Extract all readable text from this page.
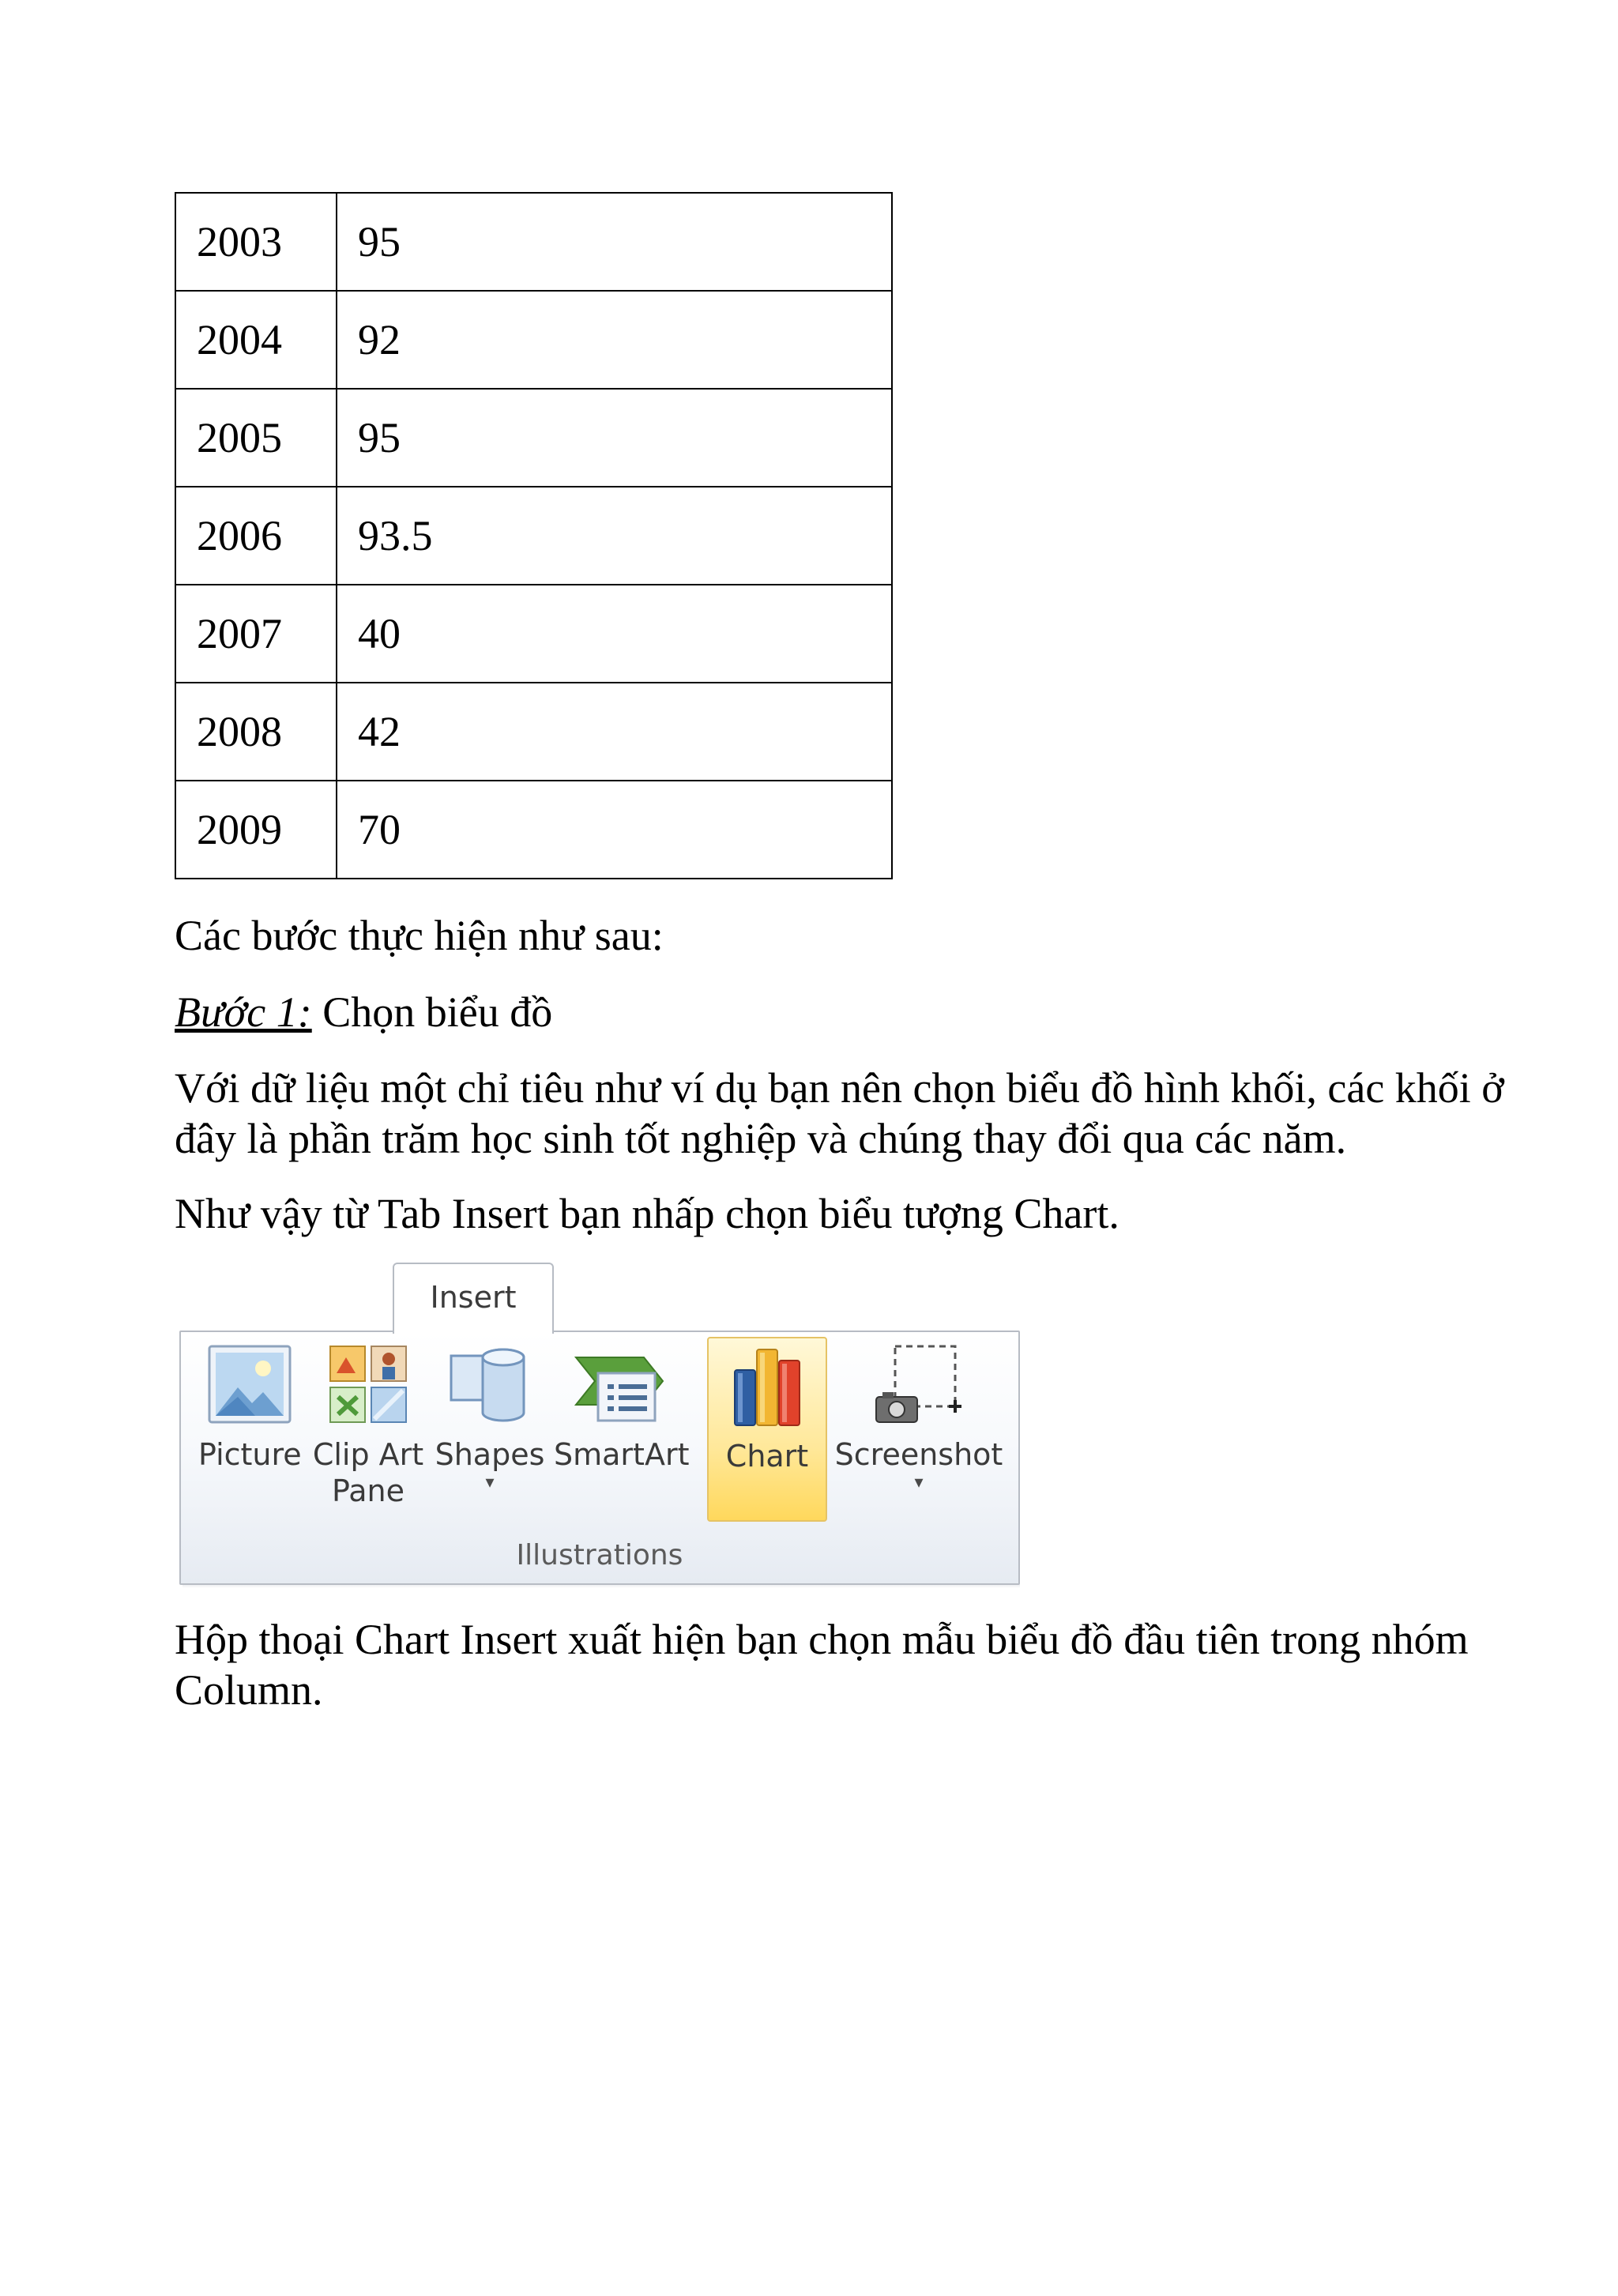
2003	95
2004	92
2005	95
2006	93.5
2007	40
2008	42
2009	70

Các bước thực hiện như sau:

Bước 1: Chọn biểu đồ

Với dữ liệu một chỉ tiêu như ví dụ bạn nên chọn biểu đồ hình khối, các khối ở đây là phần trăm học sinh tốt nghiệp và chúng thay đổi qua các năm.

Như vậy từ Tab Insert bạn nhấp chọn biểu tượng Chart.

Insert
Picture Clip Art
Pane
Shapes
▾
SmartArt	Chart Screenshot
▾
Illustrations

Hộp thoại Chart Insert xuất hiện bạn chọn mẫu biểu đồ đầu tiên trong nhóm Column.
